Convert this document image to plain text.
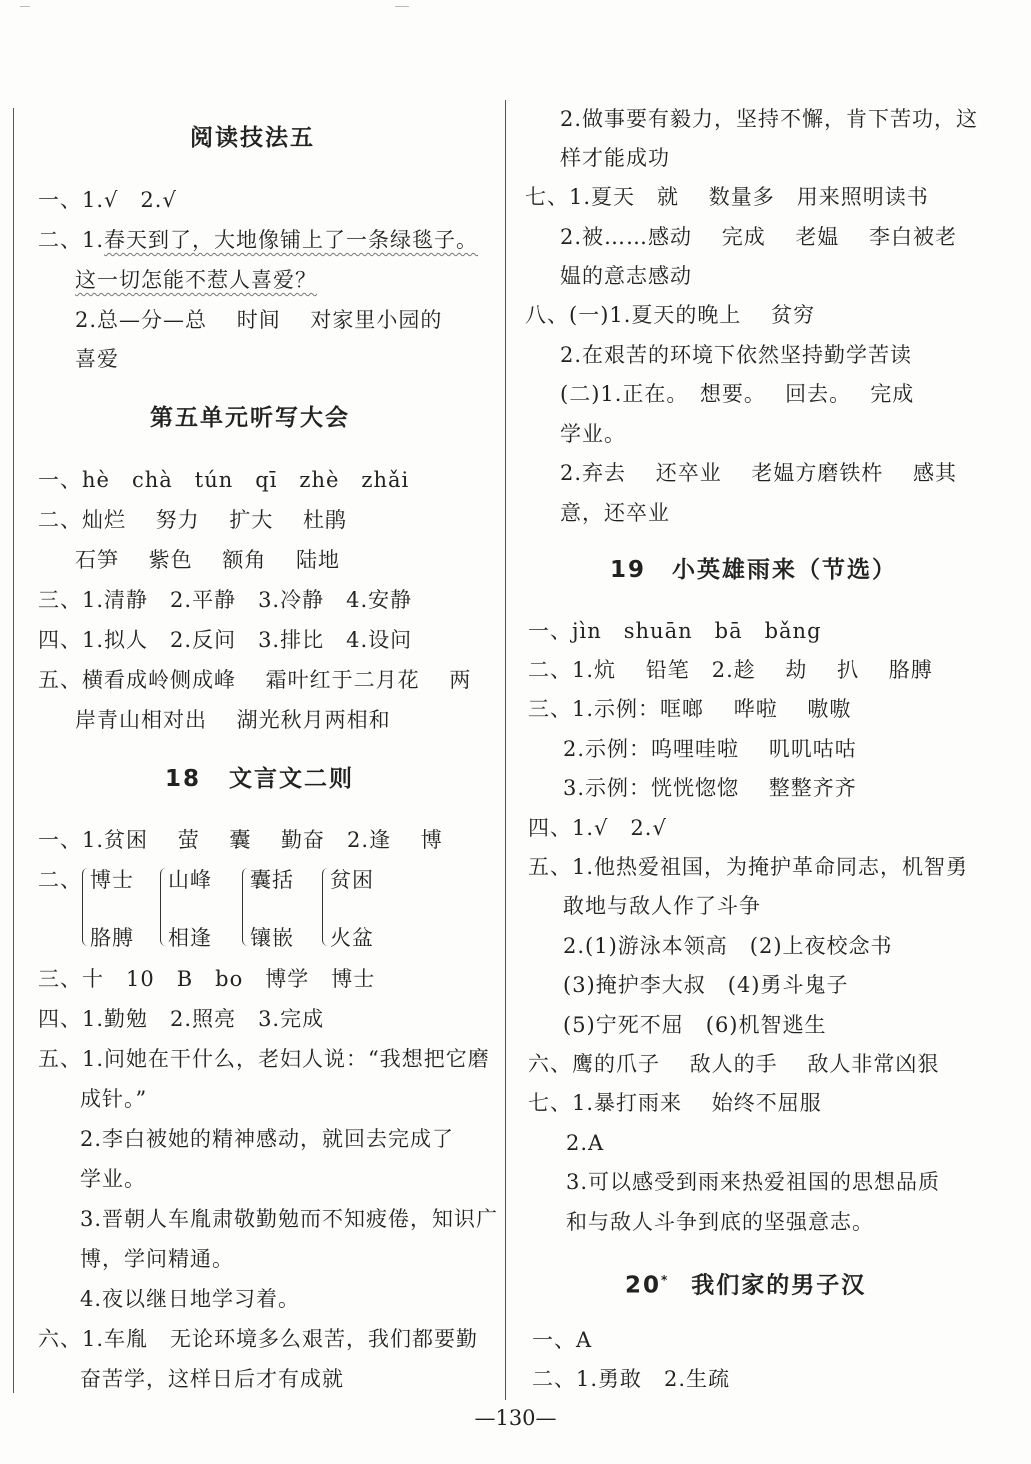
阅读技法五
一、1.√　2.√
二、1.春天到了，大地像铺上了一条绿毯子。
这一切怎能不惹人喜爱？
2.总—分—总　 时间　 对家里小园的
喜爱
第五单元听写大会
一、hè　chà　tún　qī　zhè　zhǎi
二、灿烂　 努力　 扩大　 杜鹃
石笋　 紫色　 额角　 陆地
三、1.清静　2.平静　3.冷静　4.安静
四、1.拟人　2.反问　3.排比　4.设问
五、横看成岭侧成峰　 霜叶红于二月花　 两
岸青山相对出　 湖光秋月两相和
18 文言文二则
一、1.贫困　 萤　 囊　 勤奋　2.逢　 博
二、 博士
胳膊
山峰
相逢
囊括
镶嵌
贫困
火盆
三、十　10　B　bo　博学　博士
四、1.勤勉　2.照亮　3.完成
五、1.问她在干什么，老妇人说：“我想把它磨
成针。”
2.李白被她的精神感动，就回去完成了
学业。
3.晋朝人车胤肃敬勤勉而不知疲倦，知识广
博，学问精通。
4.夜以继日地学习着。
六、1.车胤　无论环境多么艰苦，我们都要勤
奋苦学，这样日后才有成就
2.做事要有毅力，坚持不懈，肯下苦功，这
样才能成功
七、1.夏天　就　 数量多　用来照明读书
2.被……感动　 完成　 老媪　 李白被老
媪的意志感动
八、(一)1.夏天的晚上　 贫穷
2.在艰苦的环境下依然坚持勤学苦读
(二)1.正在。　想要。　 回去。　 完成
学业。
2.弃去　 还卒业　 老媪方磨铁杵　 感其
意，还卒业
19 小英雄雨来（节选）
一、jìn　shuān　bā　bǎng
二、1.炕　 铅笔　2.趁　 劫　 扒　 胳膊
三、1.示例：哐啷　 哗啦　 嗷嗷
2.示例：呜哩哇啦　 叽叽咕咕
3.示例：恍恍惚惚　 整整齐齐
四、1.√　2.√
五、1.他热爱祖国，为掩护革命同志，机智勇
敢地与敌人作了斗争
2.(1)游泳本领高　(2)上夜校念书
(3)掩护李大叔　(4)勇斗鬼子
(5)宁死不屈　(6)机智逃生
六、鹰的爪子　 敌人的手　 敌人非常凶狠
七、1.暴打雨来　 始终不屈服
2.A
3.可以感受到雨来热爱祖国的思想品质
和与敌人斗争到底的坚强意志。
20* 我们家的男子汉
一、A
二、1.勇敢　2.生疏
—130—
